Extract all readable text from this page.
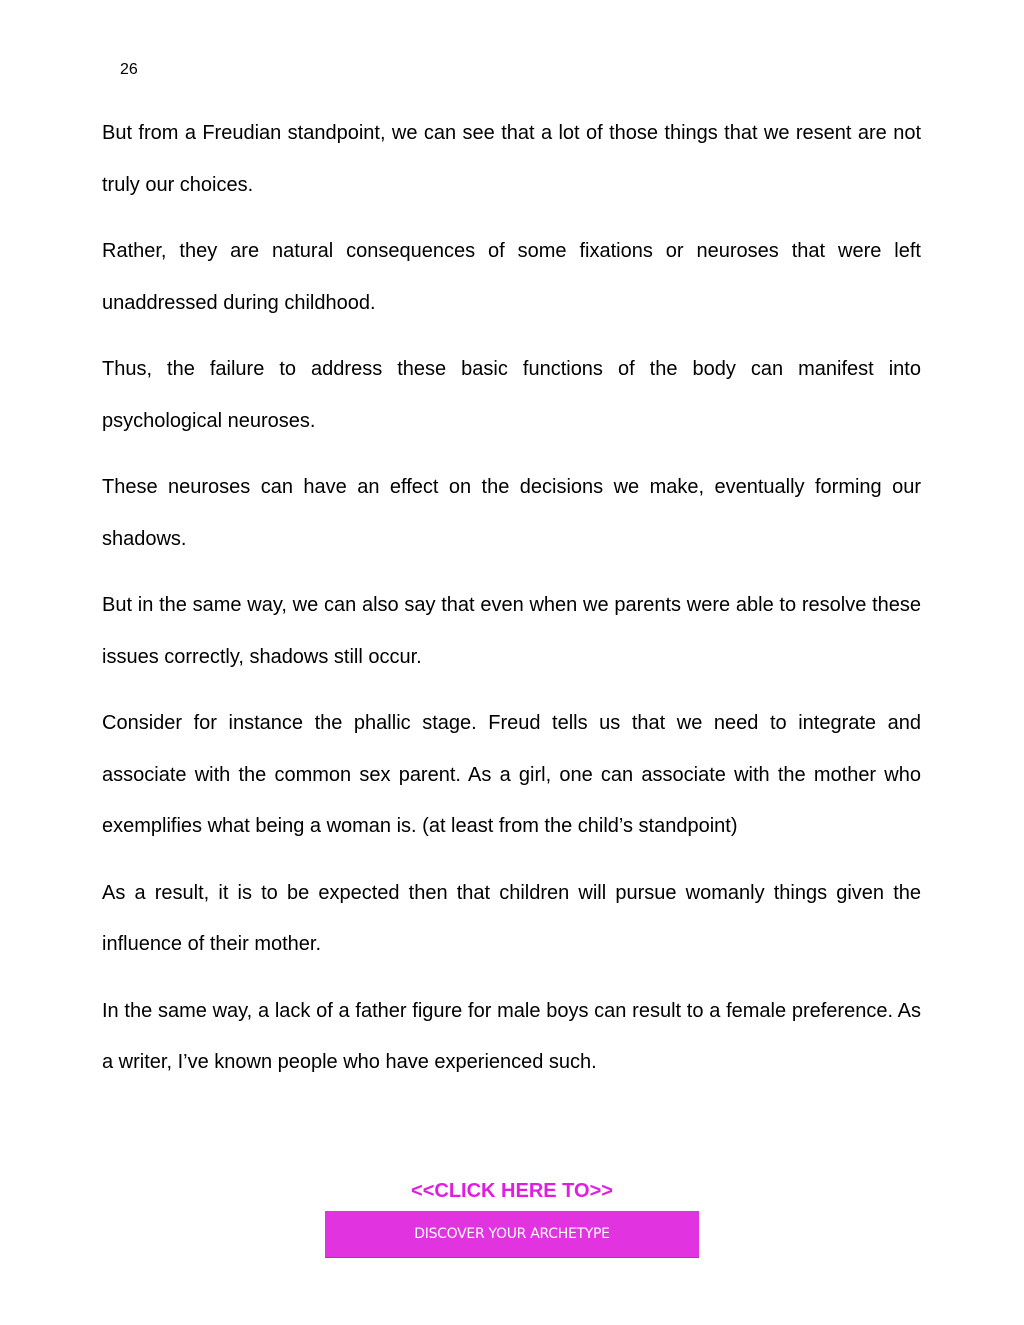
26

But from a Freudian standpoint, we can see that a lot of those things that we resent are not truly our choices.

Rather, they are natural consequences of some fixations or neuroses that were left unaddressed during childhood.

Thus, the failure to address these basic functions of the body can manifest into psychological neuroses.

These neuroses can have an effect on the decisions we make, eventually forming our shadows.

But in the same way, we can also say that even when we parents were able to resolve these issues correctly, shadows still occur.

Consider for instance the phallic stage. Freud tells us that we need to integrate and associate with the common sex parent. As a girl, one can associate with the mother who exemplifies what being a woman is. (at least from the child’s standpoint)

As a result, it is to be expected then that children will pursue womanly things given the influence of their mother.

In the same way, a lack of a father figure for male boys can result to a female preference. As a writer, I’ve known people who have experienced such.

<<CLICK HERE TO>>
DISCOVER YOUR ARCHETYPE
